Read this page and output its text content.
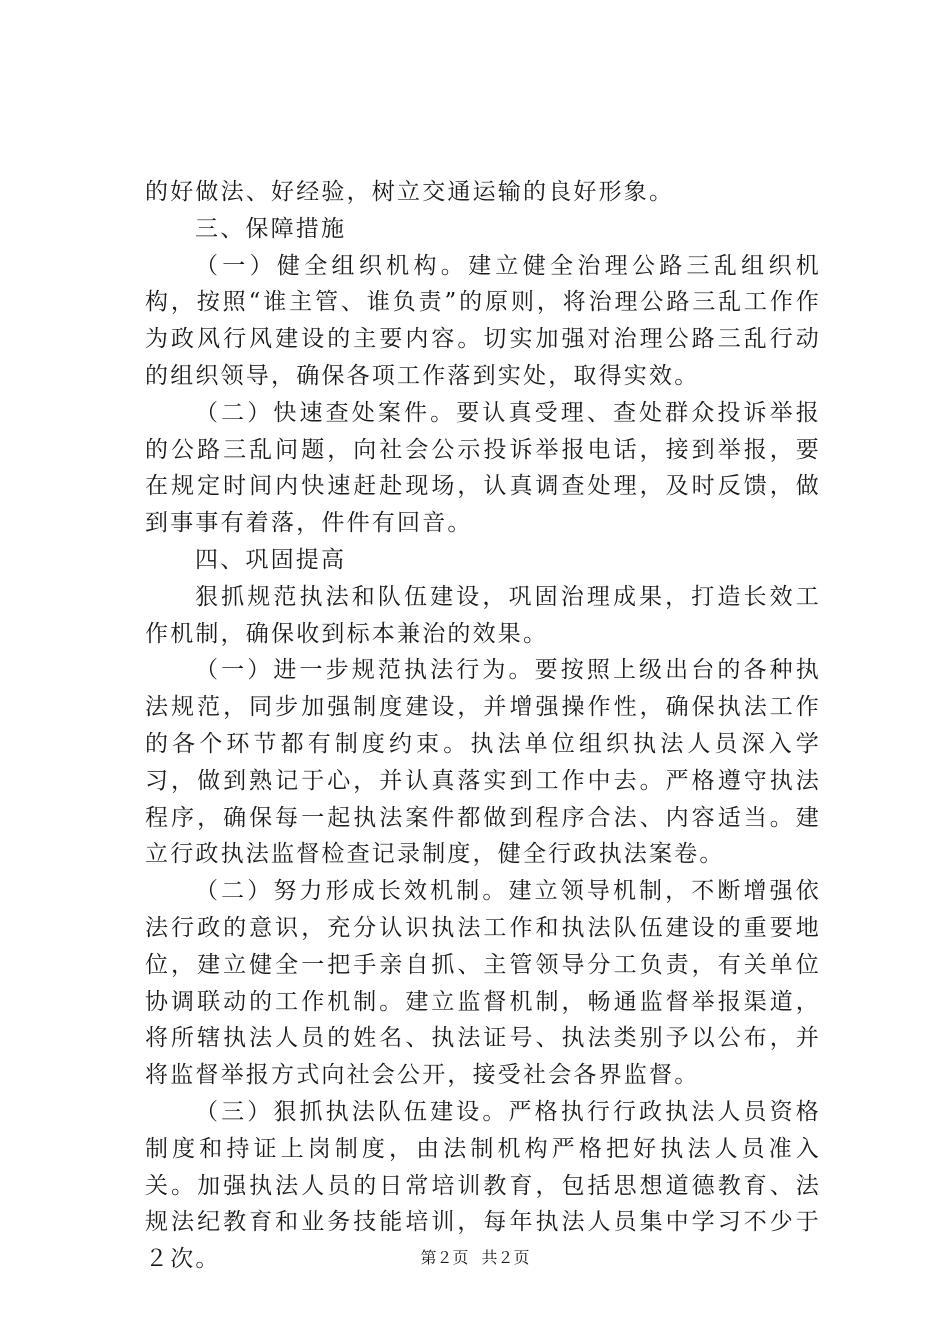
的好做法、好经验，树立交通运输的良好形象。

三、保障措施

（一）健全组织机构。建立健全治理公路三乱组织机构，按照“谁主管、谁负责”的原则，将治理公路三乱工作作为政风行风建设的主要内容。切实加强对治理公路三乱行动的组织领导，确保各项工作落到实处，取得实效。

（二）快速查处案件。要认真受理、查处群众投诉举报的公路三乱问题，向社会公示投诉举报电话，接到举报，要在规定时间内快速赶赴现场，认真调查处理，及时反馈，做到事事有着落，件件有回音。

四、巩固提高

狠抓规范执法和队伍建设，巩固治理成果，打造长效工作机制，确保收到标本兼治的效果。

（一）进一步规范执法行为。要按照上级出台的各种执法规范，同步加强制度建设，并增强操作性，确保执法工作的各个环节都有制度约束。执法单位组织执法人员深入学习，做到熟记于心，并认真落实到工作中去。严格遵守执法程序，确保每一起执法案件都做到程序合法、内容适当。建立行政执法监督检查记录制度，健全行政执法案卷。

（二）努力形成长效机制。建立领导机制，不断增强依法行政的意识，充分认识执法工作和执法队伍建设的重要地位，建立健全一把手亲自抓、主管领导分工负责，有关单位协调联动的工作机制。建立监督机制，畅通监督举报渠道，将所辖执法人员的姓名、执法证号、执法类别予以公布，并将监督举报方式向社会公开，接受社会各界监督。

（三）狠抓执法队伍建设。严格执行行政执法人员资格制度和持证上岗制度，由法制机构严格把好执法人员准入关。加强执法人员的日常培训教育，包括思想道德教育、法规法纪教育和业务技能培训，每年执法人员集中学习不少于２次。	第２页 共２页
